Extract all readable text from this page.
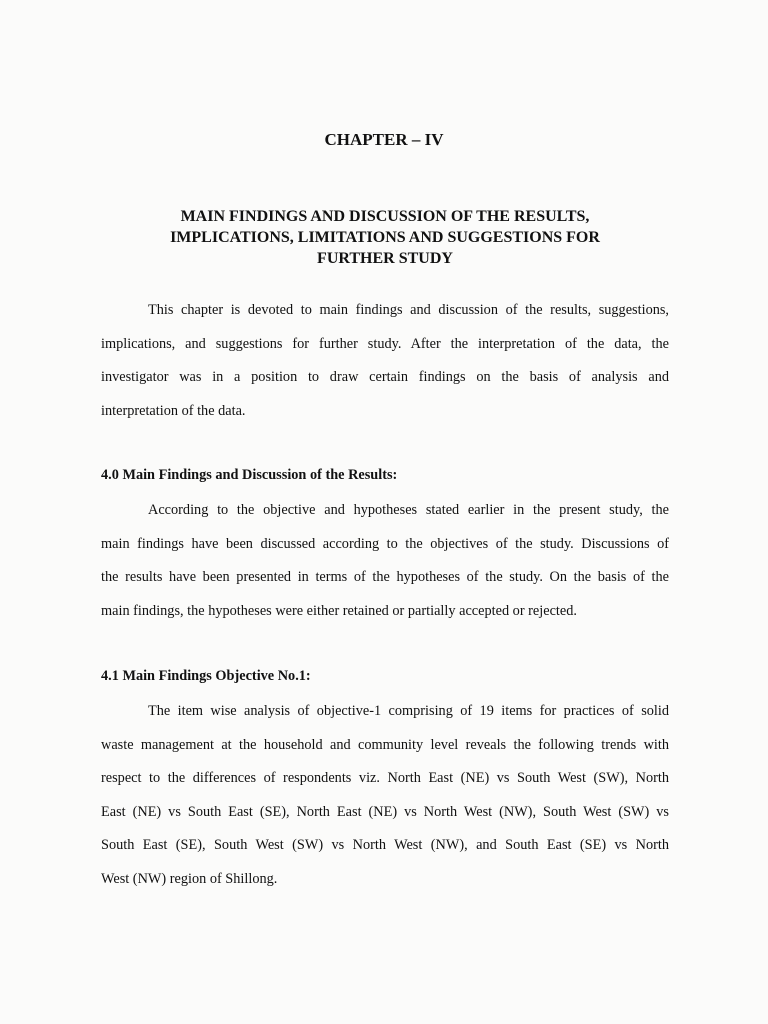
CHAPTER – IV
MAIN FINDINGS AND DISCUSSION OF THE RESULTS,
IMPLICATIONS, LIMITATIONS AND SUGGESTIONS FOR
FURTHER STUDY
This chapter is devoted to main findings and discussion of the results, suggestions,
implications, and suggestions for further study. After the interpretation of the data, the
investigator was in a position to draw certain findings on the basis of analysis and
interpretation of the data.
4.0 Main Findings and Discussion of the Results:
According to the objective and hypotheses stated earlier in the present study, the
main findings have been discussed according to the objectives of the study. Discussions of
the results have been presented in terms of the hypotheses of the study. On the basis of the
main findings, the hypotheses were either retained or partially accepted or rejected.
4.1 Main Findings Objective No.1:
The item wise analysis of objective-1 comprising of 19 items for practices of solid
waste management at the household and community level reveals the following trends with
respect to the differences of respondents viz. North East (NE) vs South West (SW), North
East (NE) vs South East (SE), North East (NE) vs North West (NW), South West (SW) vs
South East (SE), South West (SW) vs North West (NW), and South East (SE) vs North
West (NW) region of Shillong.
